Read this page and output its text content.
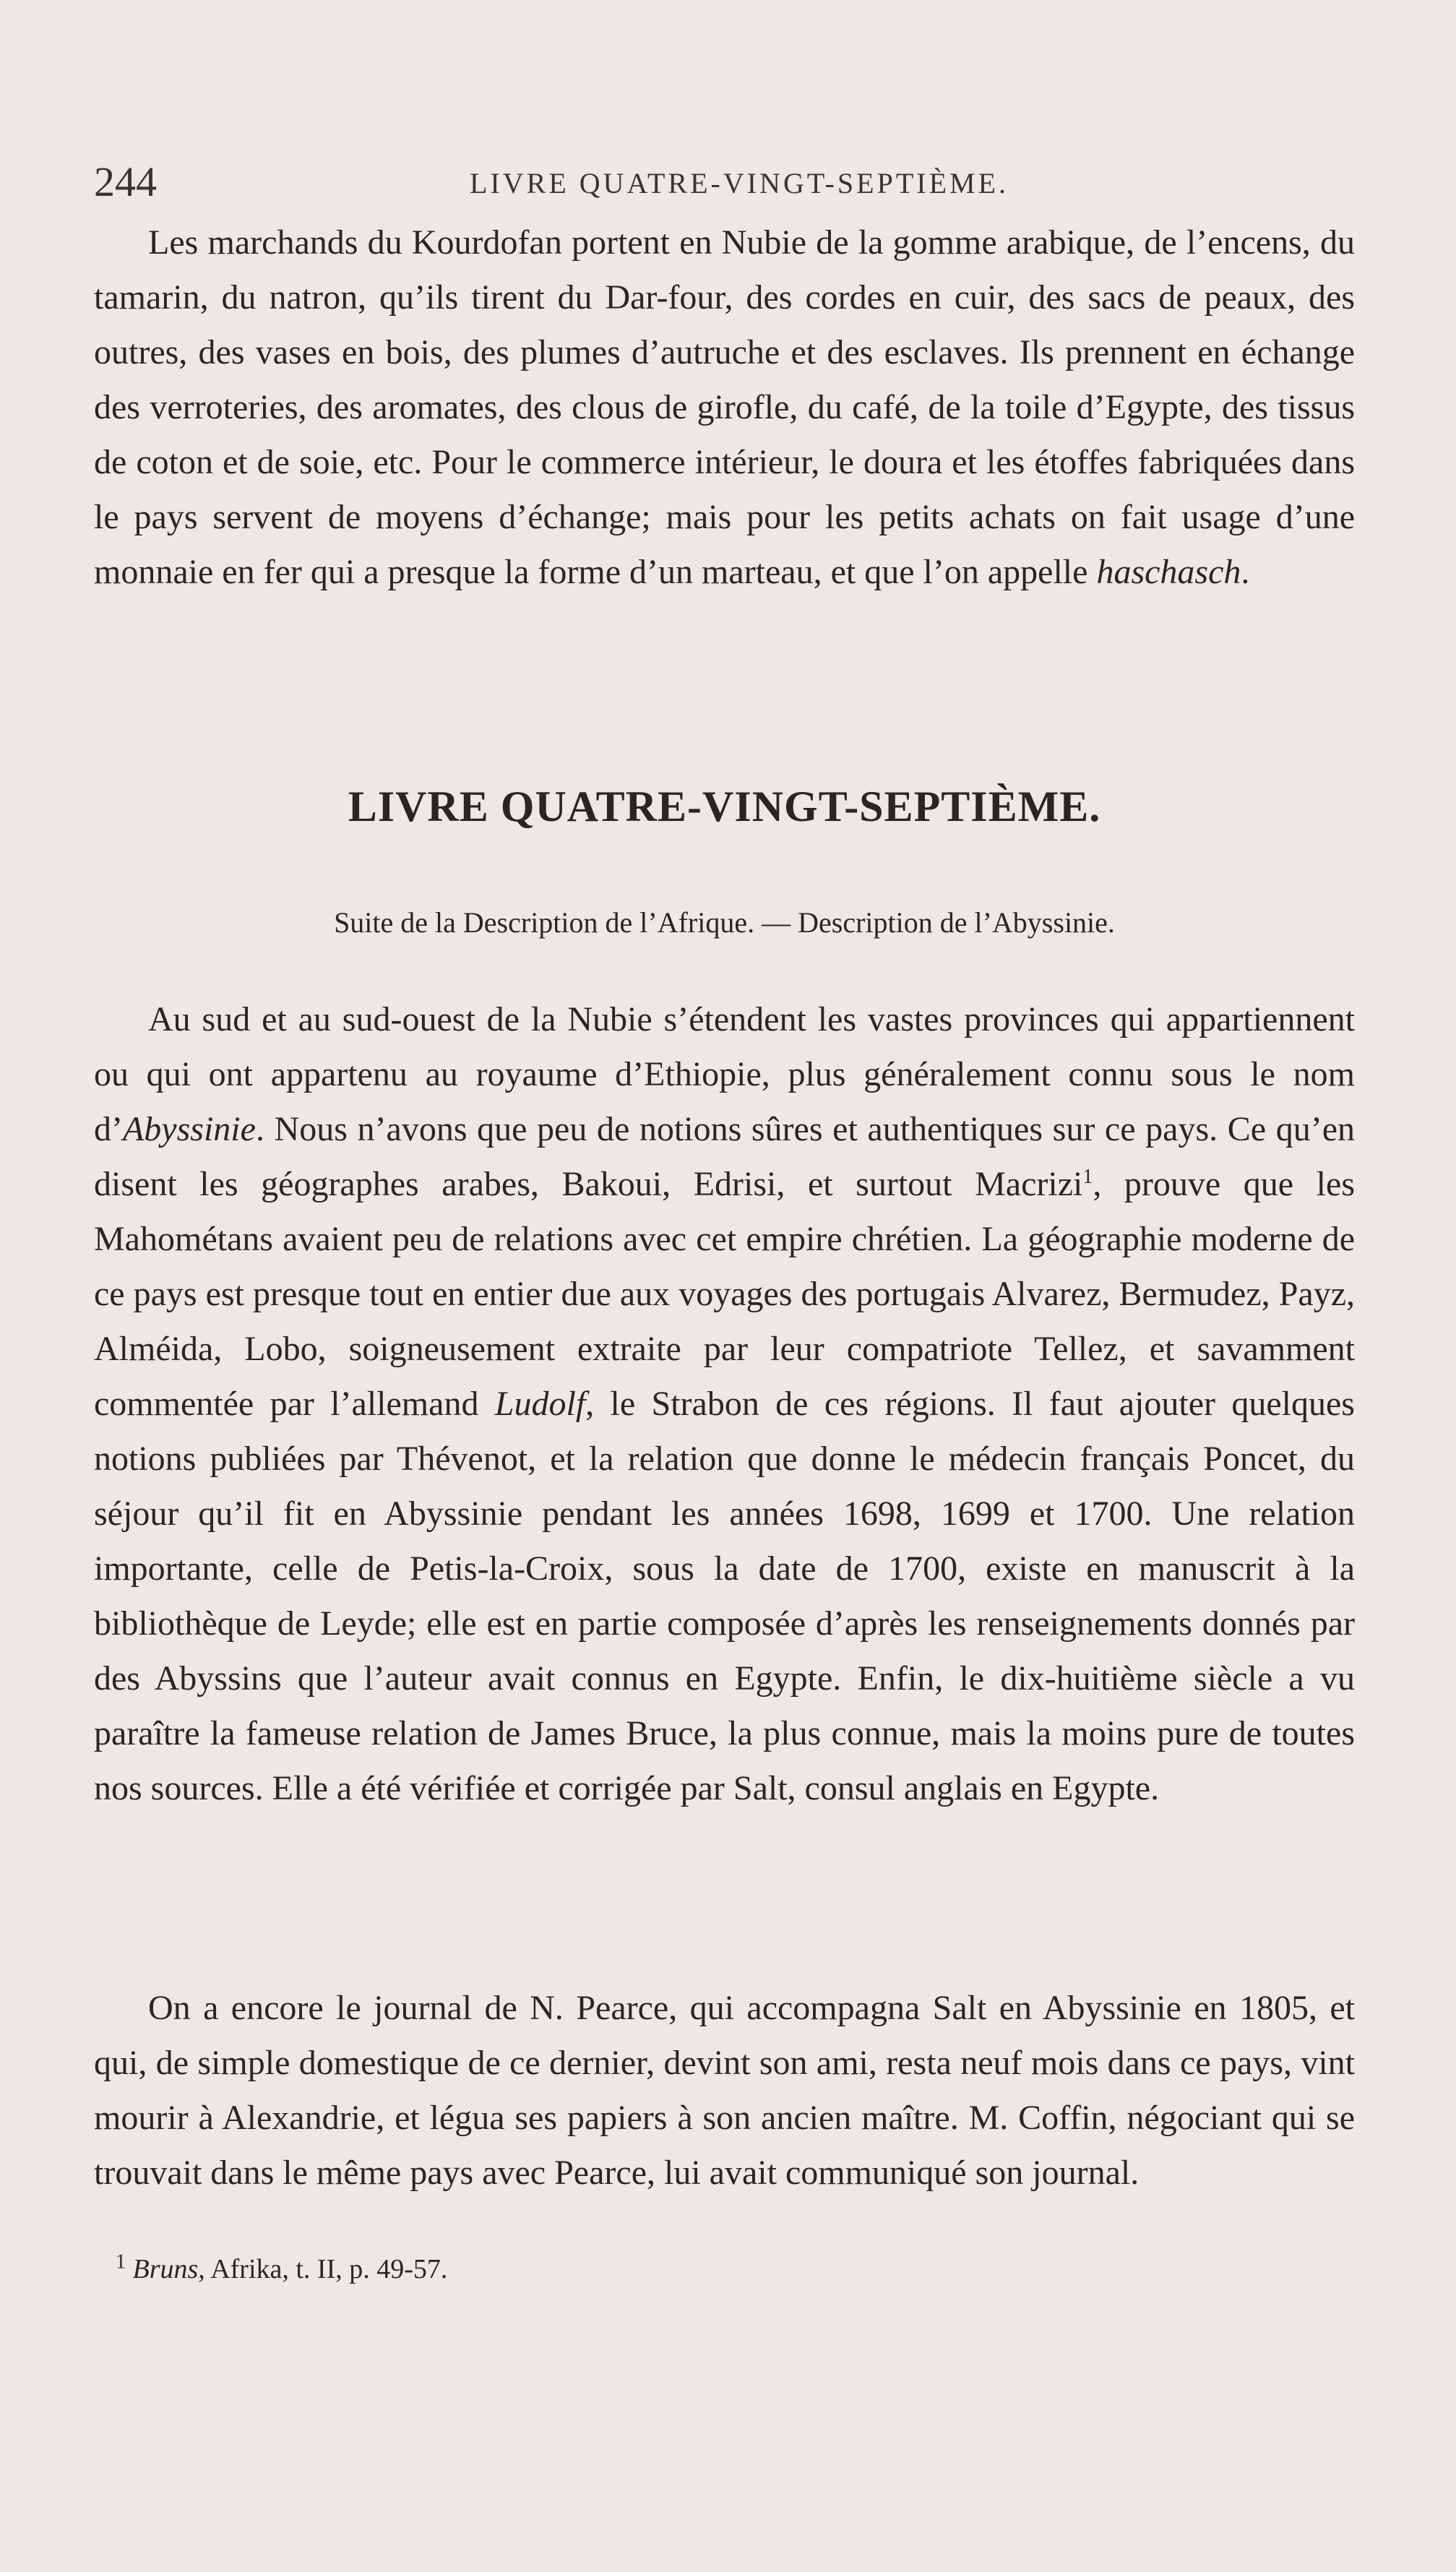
244	LIVRE QUATRE-VINGT-SEPTIÈME.

Les marchands du Kourdofan portent en Nubie de la gomme arabique, de l’encens, du tamarin, du natron, qu’ils tirent du Dar-four, des cordes en cuir, des sacs de peaux, des outres, des vases en bois, des plumes d’autruche et des esclaves. Ils prennent en échange des verroteries, des aromates, des clous de girofle, du café, de la toile d’Egypte, des tissus de coton et de soie, etc. Pour le commerce intérieur, le doura et les étoffes fabriquées dans le pays servent de moyens d’échange; mais pour les petits achats on fait usage d’une monnaie en fer qui a presque la forme d’un marteau, et que l’on appelle haschasch.

LIVRE QUATRE-VINGT-SEPTIÈME.
Suite de la Description de l’Afrique. — Description de l’Abyssinie.

Au sud et au sud-ouest de la Nubie s’étendent les vastes provinces qui appartiennent ou qui ont appartenu au royaume d’Ethiopie, plus généralement connu sous le nom d’Abyssinie. Nous n’avons que peu de notions sûres et authentiques sur ce pays. Ce qu’en disent les géographes arabes, Bakoui, Edrisi, et surtout Macrizi$^1$, prouve que les Mahométans avaient peu de relations avec cet empire chrétien. La géographie moderne de ce pays est presque tout en entier due aux voyages des portugais Alvarez, Bermudez, Payz, Alméida, Lobo, soigneusement extraite par leur compatriote Tellez, et savamment commentée par l’allemand Ludolf, le Strabon de ces régions. Il faut ajouter quelques notions publiées par Thévenot, et la relation que donne le médecin français Poncet, du séjour qu’il fit en Abyssinie pendant les années 1698, 1699 et 1700. Une relation importante, celle de Petis-la-Croix, sous la date de 1700, existe en manuscrit à la bibliothèque de Leyde; elle est en partie composée d’après les renseignements donnés par des Abyssins que l’auteur avait connus en Egypte. Enfin, le dix-huitième siècle a vu paraître la fameuse relation de James Bruce, la plus connue, mais la moins pure de toutes nos sources. Elle a été vérifiée et corrigée par Salt, consul anglais en Egypte.

On a encore le journal de N. Pearce, qui accompagna Salt en Abyssinie en 1805, et qui, de simple domestique de ce dernier, devint son ami, resta neuf mois dans ce pays, vint mourir à Alexandrie, et légua ses papiers à son ancien maître. M. Coffin, négociant qui se trouvait dans le même pays avec Pearce, lui avait communiqué son journal.

$^1$ Bruns, Afrika, t. II, p. 49-57.
